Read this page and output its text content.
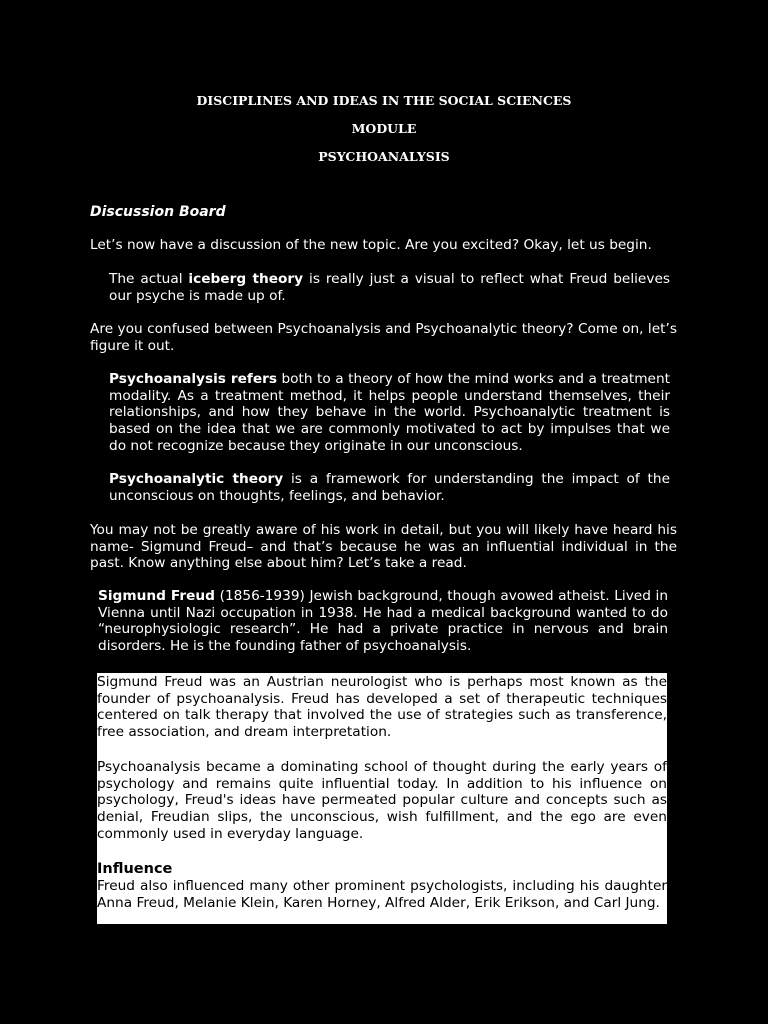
DISCIPLINES AND IDEAS IN THE SOCIAL SCIENCES
MODULE
PSYCHOANALYSIS
Discussion Board
Let’s now have a discussion of the new topic. Are you excited? Okay, let us begin.
The actual iceberg theory is really just a visual to reflect what Freud believes our psyche is made up of.
Are you confused between Psychoanalysis and Psychoanalytic theory? Come on, let’s figure it out.
Psychoanalysis refers both to a theory of how the mind works and a treatment modality. As a treatment method, it helps people understand themselves, their relationships, and how they behave in the world. Psychoanalytic treatment is based on the idea that we are commonly motivated to act by impulses that we do not recognize because they originate in our unconscious.
Psychoanalytic theory is a framework for understanding the impact of the unconscious on thoughts, feelings, and behavior.
You may not be greatly aware of his work in detail, but you will likely have heard his name- Sigmund Freud– and that’s because he was an influential individual in the past. Know anything else about him? Let’s take a read.
Sigmund Freud (1856-1939) Jewish background, though avowed atheist. Lived in Vienna until Nazi occupation in 1938. He had a medical background wanted to do “neurophysiologic research”. He had a private practice in nervous and brain disorders. He is the founding father of psychoanalysis.

Sigmund Freud was an Austrian neurologist who is perhaps most known as the founder of psychoanalysis. Freud has developed a set of therapeutic techniques centered on talk therapy that involved the use of strategies such as transference, free association, and dream interpretation.

Psychoanalysis became a dominating school of thought during the early years of psychology and remains quite influential today. In addition to his influence on psychology, Freud's ideas have permeated popular culture and concepts such as denial, Freudian slips, the unconscious, wish fulfillment, and the ego are even commonly used in everyday language.

Influence

Freud also influenced many other prominent psychologists, including his daughter Anna Freud, Melanie Klein, Karen Horney, Alfred Alder, Erik Erikson, and Carl Jung.
